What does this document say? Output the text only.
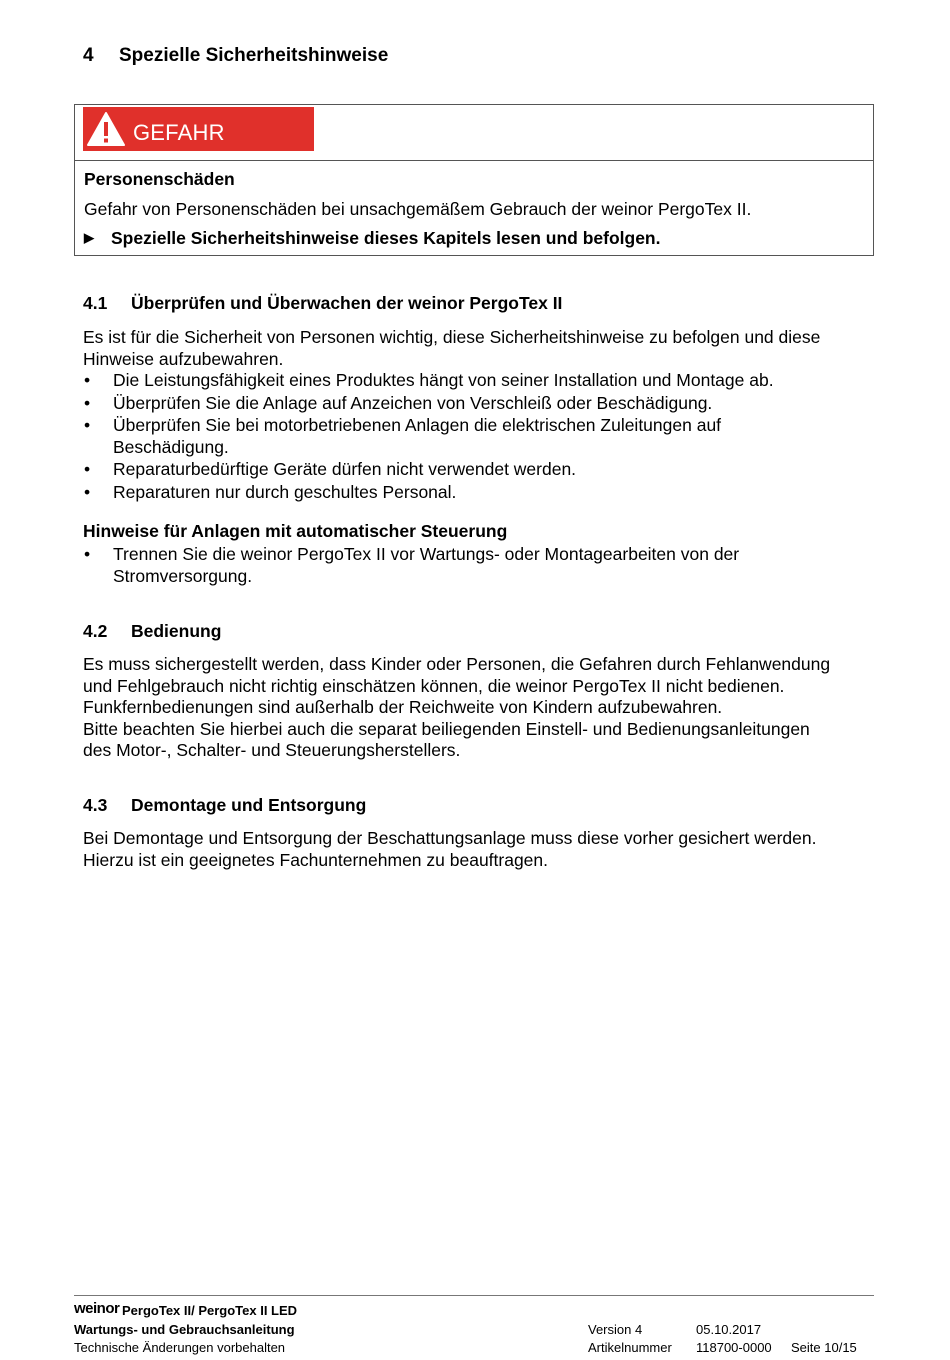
4 Spezielle Sicherheitshinweise
GEFAHR
Personenschäden
Gefahr von Personenschäden bei unsachgemäßem Gebrauch der weinor PergoTex II.
▶ Spezielle Sicherheitshinweise dieses Kapitels lesen und befolgen.
4.1 Überprüfen und Überwachen der weinor PergoTex II
Es ist für die Sicherheit von Personen wichtig, diese Sicherheitshinweise zu befolgen und diese
Hinweise aufzubewahren.
• Die Leistungsfähigkeit eines Produktes hängt von seiner Installation und Montage ab.
• Überprüfen Sie die Anlage auf Anzeichen von Verschleiß oder Beschädigung.
• Überprüfen Sie bei motorbetriebenen Anlagen die elektrischen Zuleitungen auf
Beschädigung.
• Reparaturbedürftige Geräte dürfen nicht verwendet werden.
• Reparaturen nur durch geschultes Personal.
Hinweise für Anlagen mit automatischer Steuerung
• Trennen Sie die weinor PergoTex II vor Wartungs- oder Montagearbeiten von der
Stromversorgung.
4.2 Bedienung
Es muss sichergestellt werden, dass Kinder oder Personen, die Gefahren durch Fehlanwendung
und Fehlgebrauch nicht richtig einschätzen können, die weinor PergoTex II nicht bedienen.
Funkfernbedienungen sind außerhalb der Reichweite von Kindern aufzubewahren.
Bitte beachten Sie hierbei auch die separat beiliegenden Einstell- und Bedienungsanleitungen
des Motor-, Schalter- und Steuerungsherstellers.
4.3 Demontage und Entsorgung
Bei Demontage und Entsorgung der Beschattungsanlage muss diese vorher gesichert werden.
Hierzu ist ein geeignetes Fachunternehmen zu beauftragen.
weinor PergoTex II/ PergoTex II LED
Wartungs- und Gebrauchsanleitung
Technische Änderungen vorbehalten
Version 4	05.10.2017
Artikelnummer 118700-0000 Seite 10/15
